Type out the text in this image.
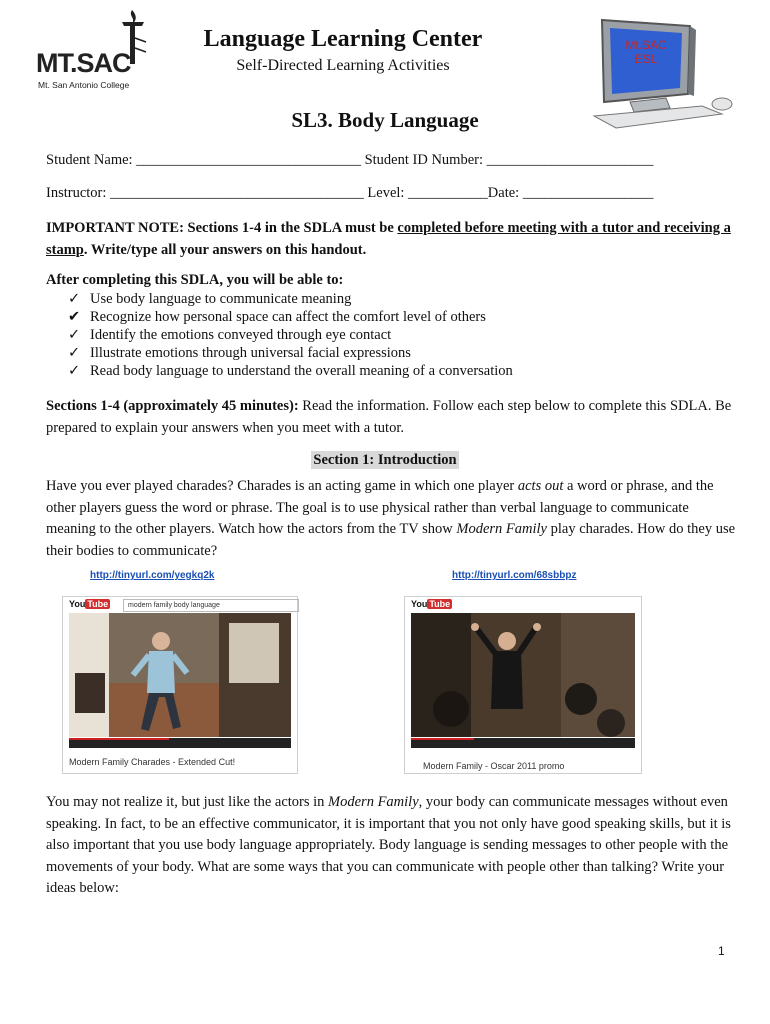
MT.SAC
Mt. San Antonio College
Language Learning Center
Self-Directed Learning Activities
Mt.SAC
ESL
SL3. Body Language
Student Name: _______________________________ Student ID Number: _______________________
Instructor: ___________________________________ Level: ___________Date: __________________
IMPORTANT NOTE: Sections 1-4 in the SDLA must be completed before meeting with a tutor and receiving a stamp. Write/type all your answers on this handout.
After completing this SDLA, you will be able to:
✓ Use body language to communicate meaning
✔ Recognize how personal space can affect the comfort level of others
✓ Identify the emotions conveyed through eye contact
✓ Illustrate emotions through universal facial expressions
✓ Read body language to understand the overall meaning of a conversation
Sections 1-4 (approximately 45 minutes): Read the information. Follow each step below to complete this SDLA. Be prepared to explain your answers when you meet with a tutor.
Section 1: Introduction
Have you ever played charades? Charades is an acting game in which one player acts out a word or phrase, and the other players guess the word or phrase. The goal is to use physical rather than verbal language to communicate meaning to the other players. Watch how the actors from the TV show Modern Family play charades. How do they use their bodies to communicate?
http://tinyurl.com/yegkq2k	http://tinyurl.com/68sbbpz
You Tube	modern family body language
Modern Family Charades - Extended Cut!
You Tube
Modern Family - Oscar 2011 promo
You may not realize it, but just like the actors in Modern Family, your body can communicate messages without even speaking. In fact, to be an effective communicator, it is important that you not only have good speaking skills, but it is also important that you use body language appropriately. Body language is sending messages to other people with the movements of your body. What are some ways that you can communicate with people other than talking? Write your ideas below:
1
